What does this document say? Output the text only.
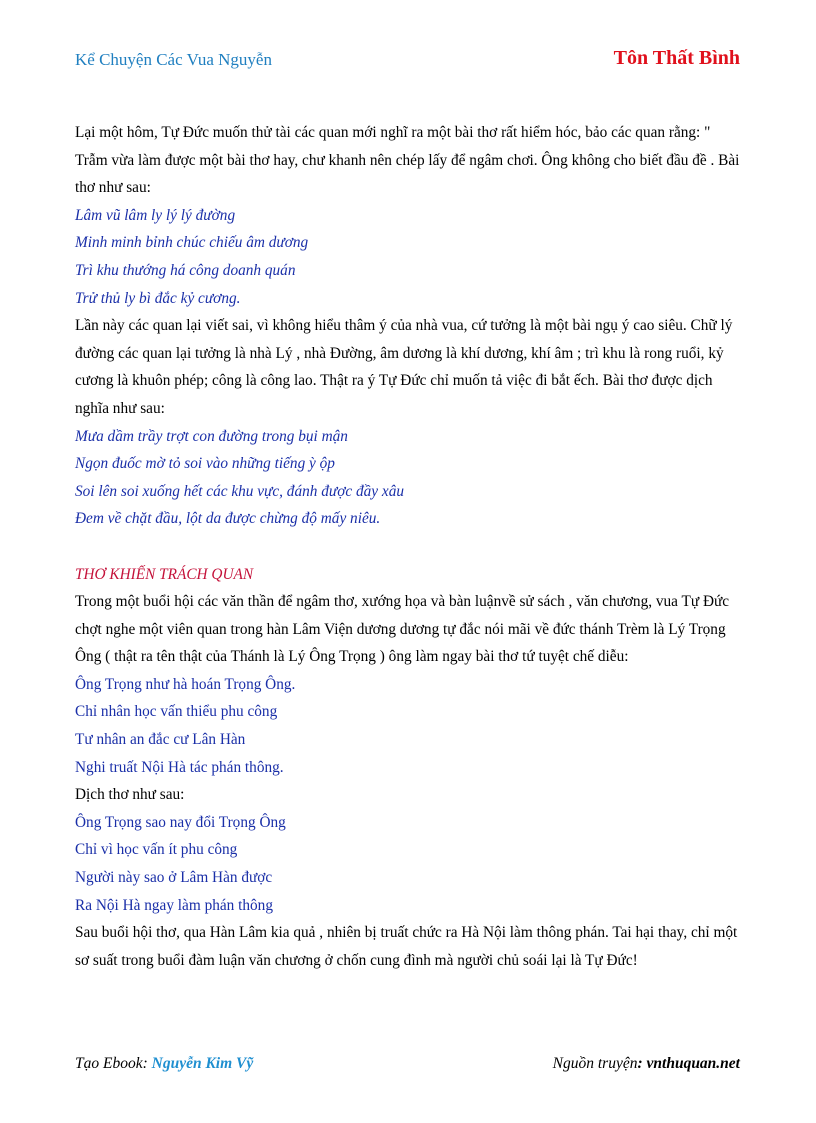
Kể Chuyện Các Vua Nguyễn	Tôn Thất Bình

Lại một hôm, Tự Đức muốn thử tài các quan mới nghĩ ra một bài thơ rất hiểm hóc, bảo các quan rằng: " Trẫm vừa làm được một bài thơ hay, chư khanh nên chép lấy để ngâm chơi. Ông không cho biết đầu đề . Bài thơ như sau:

Lâm vũ lâm ly lý lý đường

Minh minh bỉnh chúc chiếu âm dương

Trì khu thướng há công doanh quán

Trử thủ ly bì đắc kỷ cương.

Lần này các quan lại viết sai, vì không hiểu thâm ý của nhà vua, cứ tưởng là một bài ngụ ý cao siêu. Chữ lý đường các quan lại tưởng là nhà Lý , nhà Đường, âm dương là khí dương, khí âm ; trì khu là rong ruổi, kỷ cương là khuôn phép; công là công lao. Thật ra ý Tự Đức chỉ muốn tả việc đi bắt ếch. Bài thơ được dịch nghĩa như sau:

Mưa dầm trầy trợt con đường trong bụi mận

Ngọn đuốc mờ tỏ soi vào những tiếng ỳ ộp

Soi lên soi xuống hết các khu vực, đánh được đầy xâu

Đem về chặt đầu, lột da được chừng độ mấy niêu.

THƠ KHIẾN TRÁCH QUAN

Trong một buổi hội các văn thần để ngâm thơ, xướng họa và bàn luậnvề sử sách , văn chương, vua Tự Đức chợt nghe một viên quan trong hàn Lâm Viện dương dương tự đắc nói mãi về đức thánh Trèm là Lý Trọng Ông ( thật ra tên thật của Thánh là Lý Ông Trọng ) ông làm ngay bài thơ tứ tuyệt chế diễu:

Ông Trọng như hà hoán Trọng Ông.

Chỉ nhân học vấn thiểu phu công

Tư nhân an đắc cư Lân Hàn

Nghi truất Nội Hà tác phán thông.

Dịch thơ như sau:

Ông Trọng sao nay đổi Trọng Ông

Chỉ vì học vấn ít phu công

Người này sao ở Lâm Hàn được

Ra Nội Hà ngay làm phán thông

Sau buổi hội thơ, qua Hàn Lâm kia quả , nhiên bị truất chức ra Hà Nội làm thông phán. Tai hại thay, chỉ một sơ suất trong buổi đàm luận văn chương ở chốn cung đình mà người chủ soái lại là Tự Đức!

Tạo Ebook: Nguyễn Kim Vỹ	Nguồn truyện: vnthuquan.net
